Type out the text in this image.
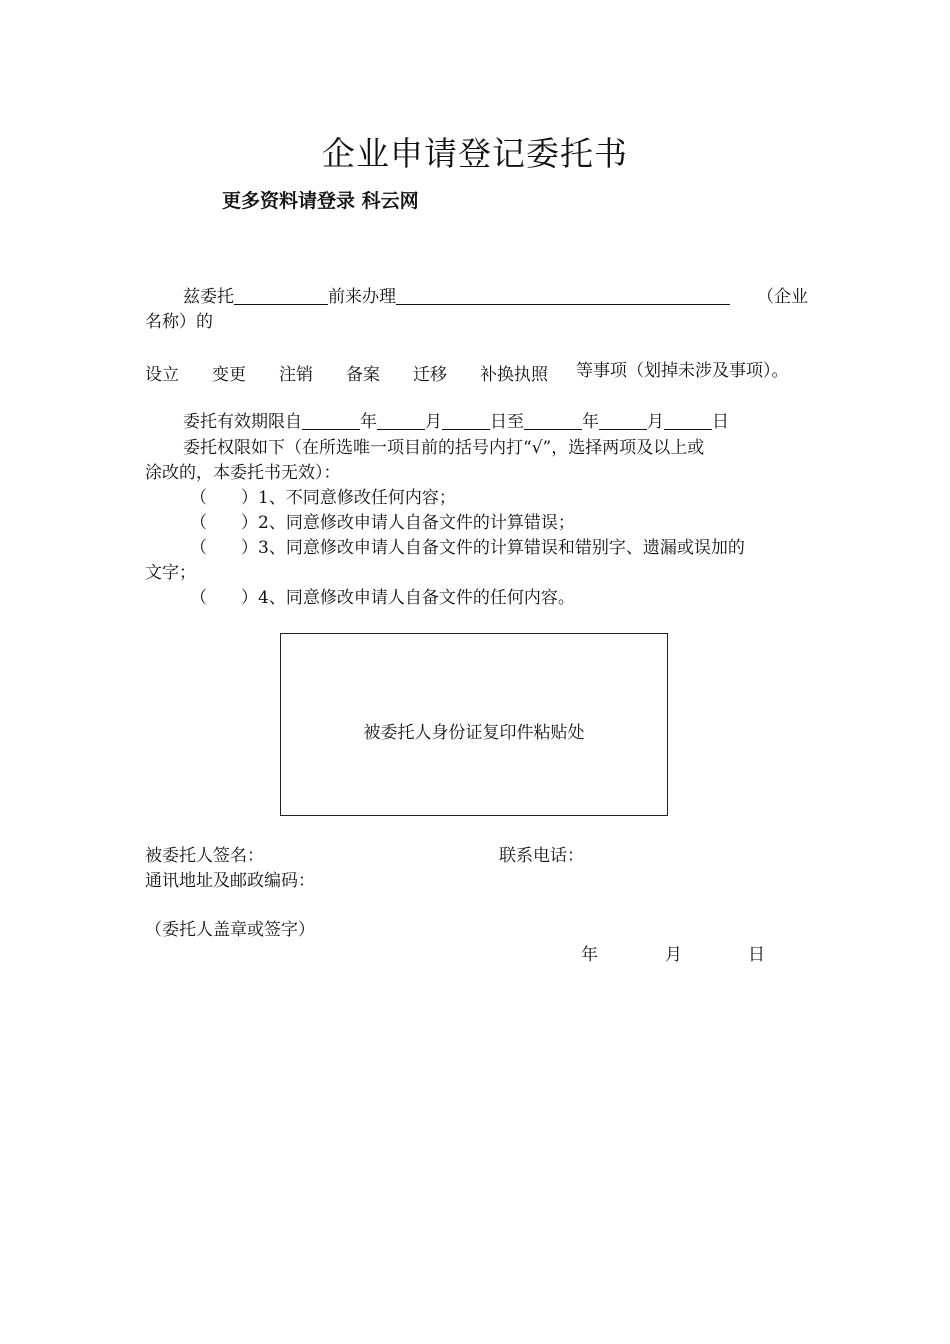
企业申请登记委托书
更多资料请登录 科云网
兹委托	前来办理	（企业
名称）的
设立 变更 注销 备案 迁移 补换执照 等事项（划掉未涉及事项）。
委托有效期限自	年	月	日至	年	月	日
委托权限如下（在所选唯一项目前的括号内打“√”，选择两项及以上或
涂改的，本委托书无效）：
（　　）1、不同意修改任何内容；
（　　）2、同意修改申请人自备文件的计算错误；
（　　）3、同意修改申请人自备文件的计算错误和错别字、遗漏或误加的
文字；
（　　）4、同意修改申请人自备文件的任何内容。
被委托人身份证复印件粘贴处
被委托人签名：	联系电话：
通讯地址及邮政编码：
（委托人盖章或签字）
年	月	日
